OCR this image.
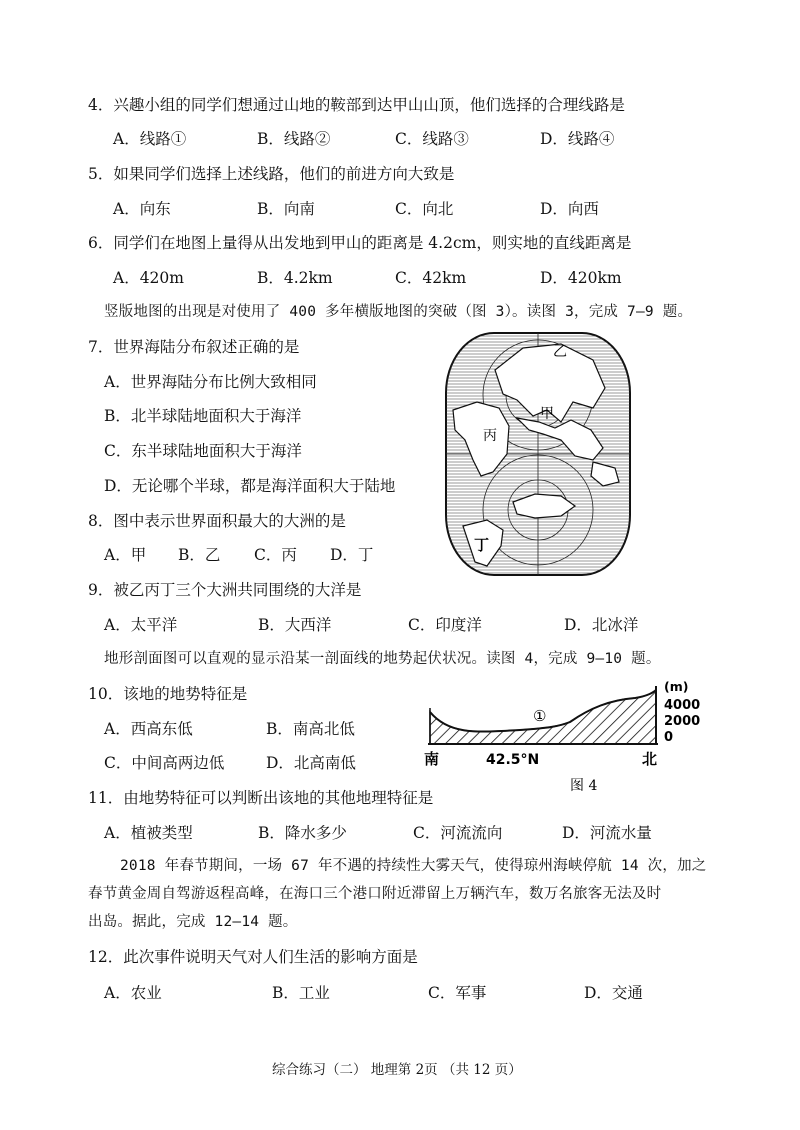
4．兴趣小组的同学们想通过山地的鞍部到达甲山山顶，他们选择的合理线路是
A．线路①	B．线路②	C．线路③	D．线路④
5．如果同学们选择上述线路，他们的前进方向大致是
A．向东	B．向南	C．向北	D．向西
6．同学们在地图上量得从出发地到甲山的距离是 4.2cm，则实地的直线距离是
A．420m	B．4.2km	C．42km	D．420km
竖版地图的出现是对使用了 400 多年横版地图的突破（图 3）。读图 3，完成 7–9 题。
7．世界海陆分布叙述正确的是
A．世界海陆分布比例大致相同
B．北半球陆地面积大于海洋
C．东半球陆地面积大于海洋
D．无论哪个半球，都是海洋面积大于陆地
8．图中表示世界面积最大的大洲的是
A．甲 B．乙 C．丙 D．丁
乙
甲
丙
丁
9．被乙丙丁三个大洲共同围绕的大洋是
A．太平洋	B．大西洋	C．印度洋	D．北冰洋
地形剖面图可以直观的显示沿某一剖面线的地势起伏状况。读图 4，完成 9–10 题。
10．该地的地势特征是
A．西高东低	B．南高北低
C．中间高两边低	D．北高南低
(m)
4000
2000
0
①
南	42.5°N	北
图 4
11．由地势特征可以判断出该地的其他地理特征是
A．植被类型	B．降水多少	C．河流流向	D．河流水量
2018 年春节期间，一场 67 年不遇的持续性大雾天气，使得琼州海峡停航 14 次，加之
春节黄金周自驾游返程高峰，在海口三个港口附近滞留上万辆汽车，数万名旅客无法及时
出岛。据此，完成 12–14 题。
12．此次事件说明天气对人们生活的影响方面是
A．农业	B．工业	C．军事	D．交通
综合练习（二） 地理第 2页 （共 12 页）
